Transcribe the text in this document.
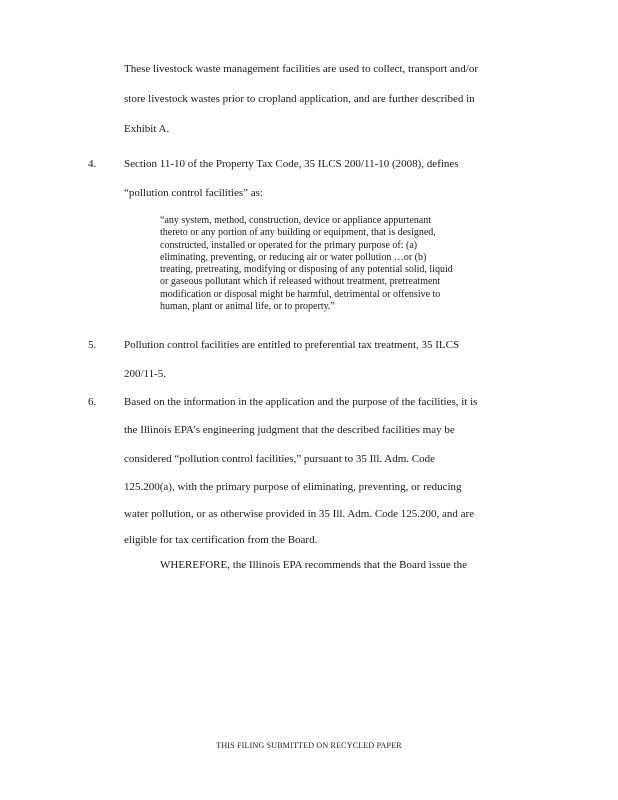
These livestock waste management facilities are used to collect, transport and/or
store livestock wastes prior to cropland application, and are further described in
Exhibit A.
4.	Section 11-10 of the Property Tax Code, 35 ILCS 200/11-10 (2008), defines
“pollution control facilities” as:
“any system, method, construction, device or appliance appurtenant
thereto or any portion of any building or equipment, that is designed,
constructed, installed or operated for the primary purpose of: (a)
eliminating, preventing, or reducing air or water pollution …or (b)
treating, pretreating, modifying or disposing of any potential solid, liquid
or gaseous pollutant which if released without treatment, pretreatment
modification or disposal might be harmful, detrimental or offensive to
human, plant or animal life, or to property.”
5.	Pollution control facilities are entitled to preferential tax treatment, 35 ILCS
200/11-5.
6.	Based on the information in the application and the purpose of the facilities, it is
the Illinois EPA’s engineering judgment that the described facilities may be
considered “pollution control facilities,” pursuant to 35 Ill. Adm. Code
125.200(a), with the primary purpose of eliminating, preventing, or reducing
water pollution, or as otherwise provided in 35 Ill. Adm. Code 125.200, and are
eligible for tax certification from the Board.
WHEREFORE, the Illinois EPA recommends that the Board issue the
THIS FILING SUBMITTED ON RECYCLED PAPER
